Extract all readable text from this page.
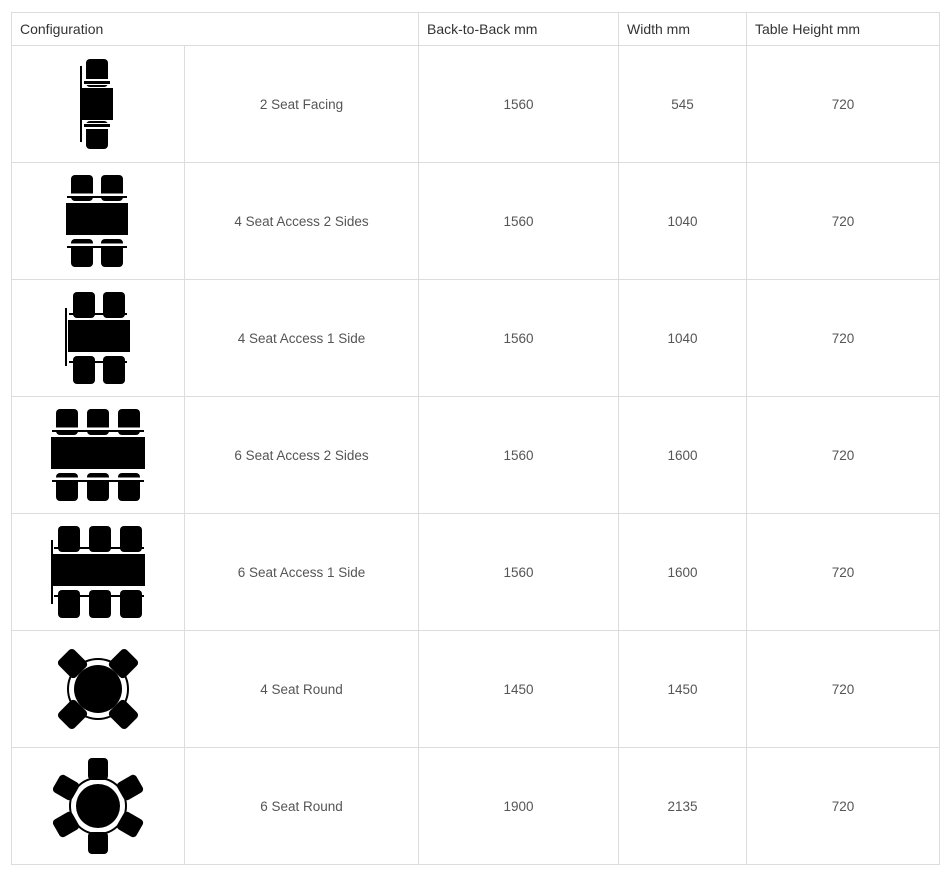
Configuration		Back-to-Back mm	Width mm	Table Height mm

	2 Seat Facing	1560	545	720

	4 Seat Access 2 Sides	1560	1040	720

	4 Seat Access 1 Side	1560	1040	720

	6 Seat Access 2 Sides	1560	1600	720

	6 Seat Access 1 Side	1560	1600	720

	4 Seat Round	1450	1450	720

	6 Seat Round	1900	2135	720
